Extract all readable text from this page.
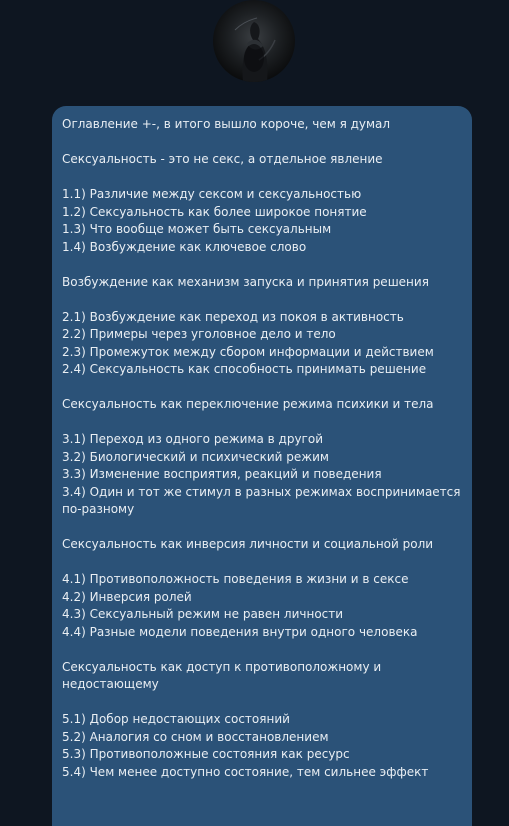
Оглавление +-, в итого вышло короче, чем я думал

Сексуальность - это не секс, а отдельное явление

1.1) Различие между сексом и сексуальностью

1.2) Сексуальность как более широкое понятие

1.3) Что вообще может быть сексуальным

1.4) Возбуждение как ключевое слово

Возбуждение как механизм запуска и принятия решения

2.1) Возбуждение как переход из покоя в активность

2.2) Примеры через уголовное дело и тело

2.3) Промежуток между сбором информации и действием

2.4) Сексуальность как способность принимать решение

Сексуальность как переключение режима психики и тела

3.1) Переход из одного режима в другой

3.2) Биологический и психический режим

3.3) Изменение восприятия, реакций и поведения

3.4) Один и тот же стимул в разных режимах воспринимается по-разному

Сексуальность как инверсия личности и социальной роли

4.1) Противоположность поведения в жизни и в сексе

4.2) Инверсия ролей

4.3) Сексуальный режим не равен личности

4.4) Разные модели поведения внутри одного человека

Сексуальность как доступ к противоположному и недостающему

5.1) Добор недостающих состояний

5.2) Аналогия со сном и восстановлением

5.3) Противоположные состояния как ресурс

5.4) Чем менее доступно состояние, тем сильнее эффект
